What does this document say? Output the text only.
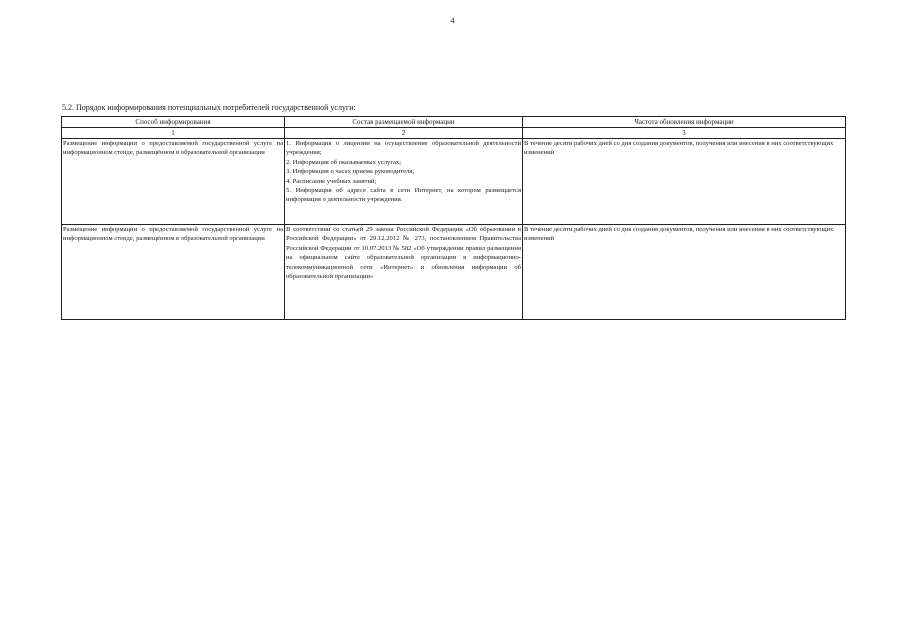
4
5.2. Порядок информирования потенциальных потребителей государственной услуги:
Способ информирования	Состав размещаемой информации	Частота обновления информации
1	2	3
Размещение информации о предоставляемой государственной услуге на информационном стенде, размещённом в образовательной организации	1. Информация о лицензии на осуществление образовательной деятельности учреждения;
2. Информация об оказываемых услугах;
3. Информация о часах приема руководителя;
4. Расписание учебных занятий;
5. Информация об адресе сайта в сети Интернет, на котором размещается информация о деятельности учреждения.	В течение десяти рабочих дней со дня создания документов, получения или внесения в них соответствующих изменений
Размещение информации о предоставляемой государственной услуге на информационном стенде, размещённом в образовательной организации	В соответствии со статьей 29 закона Российской Федерации «Об образовании в Российской Федерации» от 29.12.2012 № 273, постановлением Правительства Российской Федерации от 10.07.2013 № 582 «Об утверждении правил размещения на официальном сайте образовательной организации в информационно-телекоммуникационной сети «Интернет» и обновления информации об образовательной организации»	В течение десяти рабочих дней со дня создания документов, получения или внесения в них соответствующих изменений
